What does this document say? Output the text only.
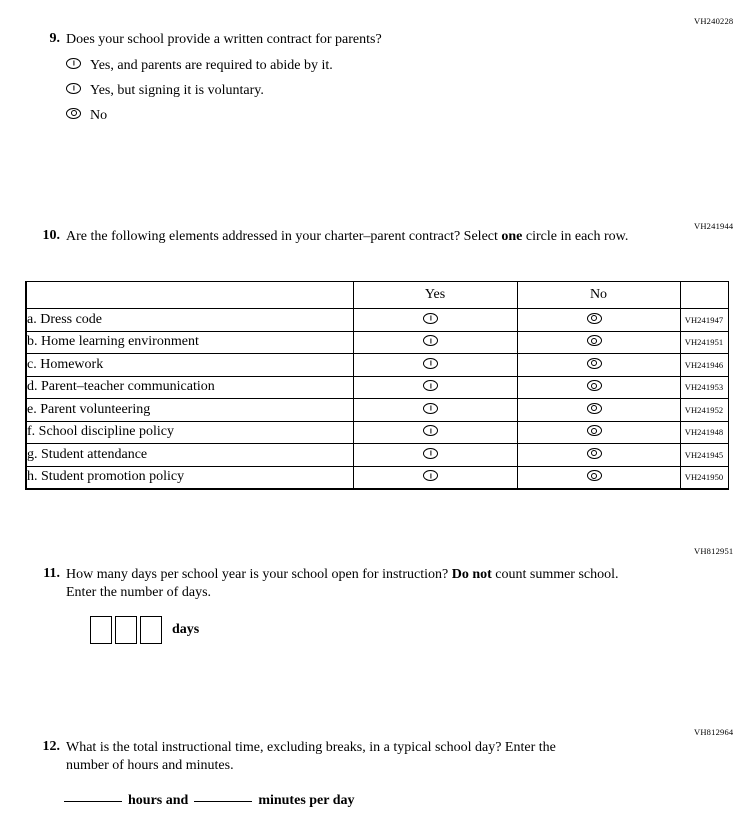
VH240228
9. Does your school provide a written contract for parents?
Yes, and parents are required to abide by it.
Yes, but signing it is voluntary.
No
VH241944
10. Are the following elements addressed in your charter–parent contract? Select one circle in each row.
	Yes	No	
a. Dress code			VH241947
b. Home learning environment			VH241951
c. Homework			VH241946
d. Parent–teacher communication			VH241953
e. Parent volunteering			VH241952
f. School discipline policy			VH241948
g. Student attendance			VH241945
h. Student promotion policy			VH241950
VH812951
11. How many days per school year is your school open for instruction? Do not count summer school. Enter the number of days.
days
VH812964
12. What is the total instructional time, excluding breaks, in a typical school day? Enter the number of hours and minutes.
hours and	minutes per day
